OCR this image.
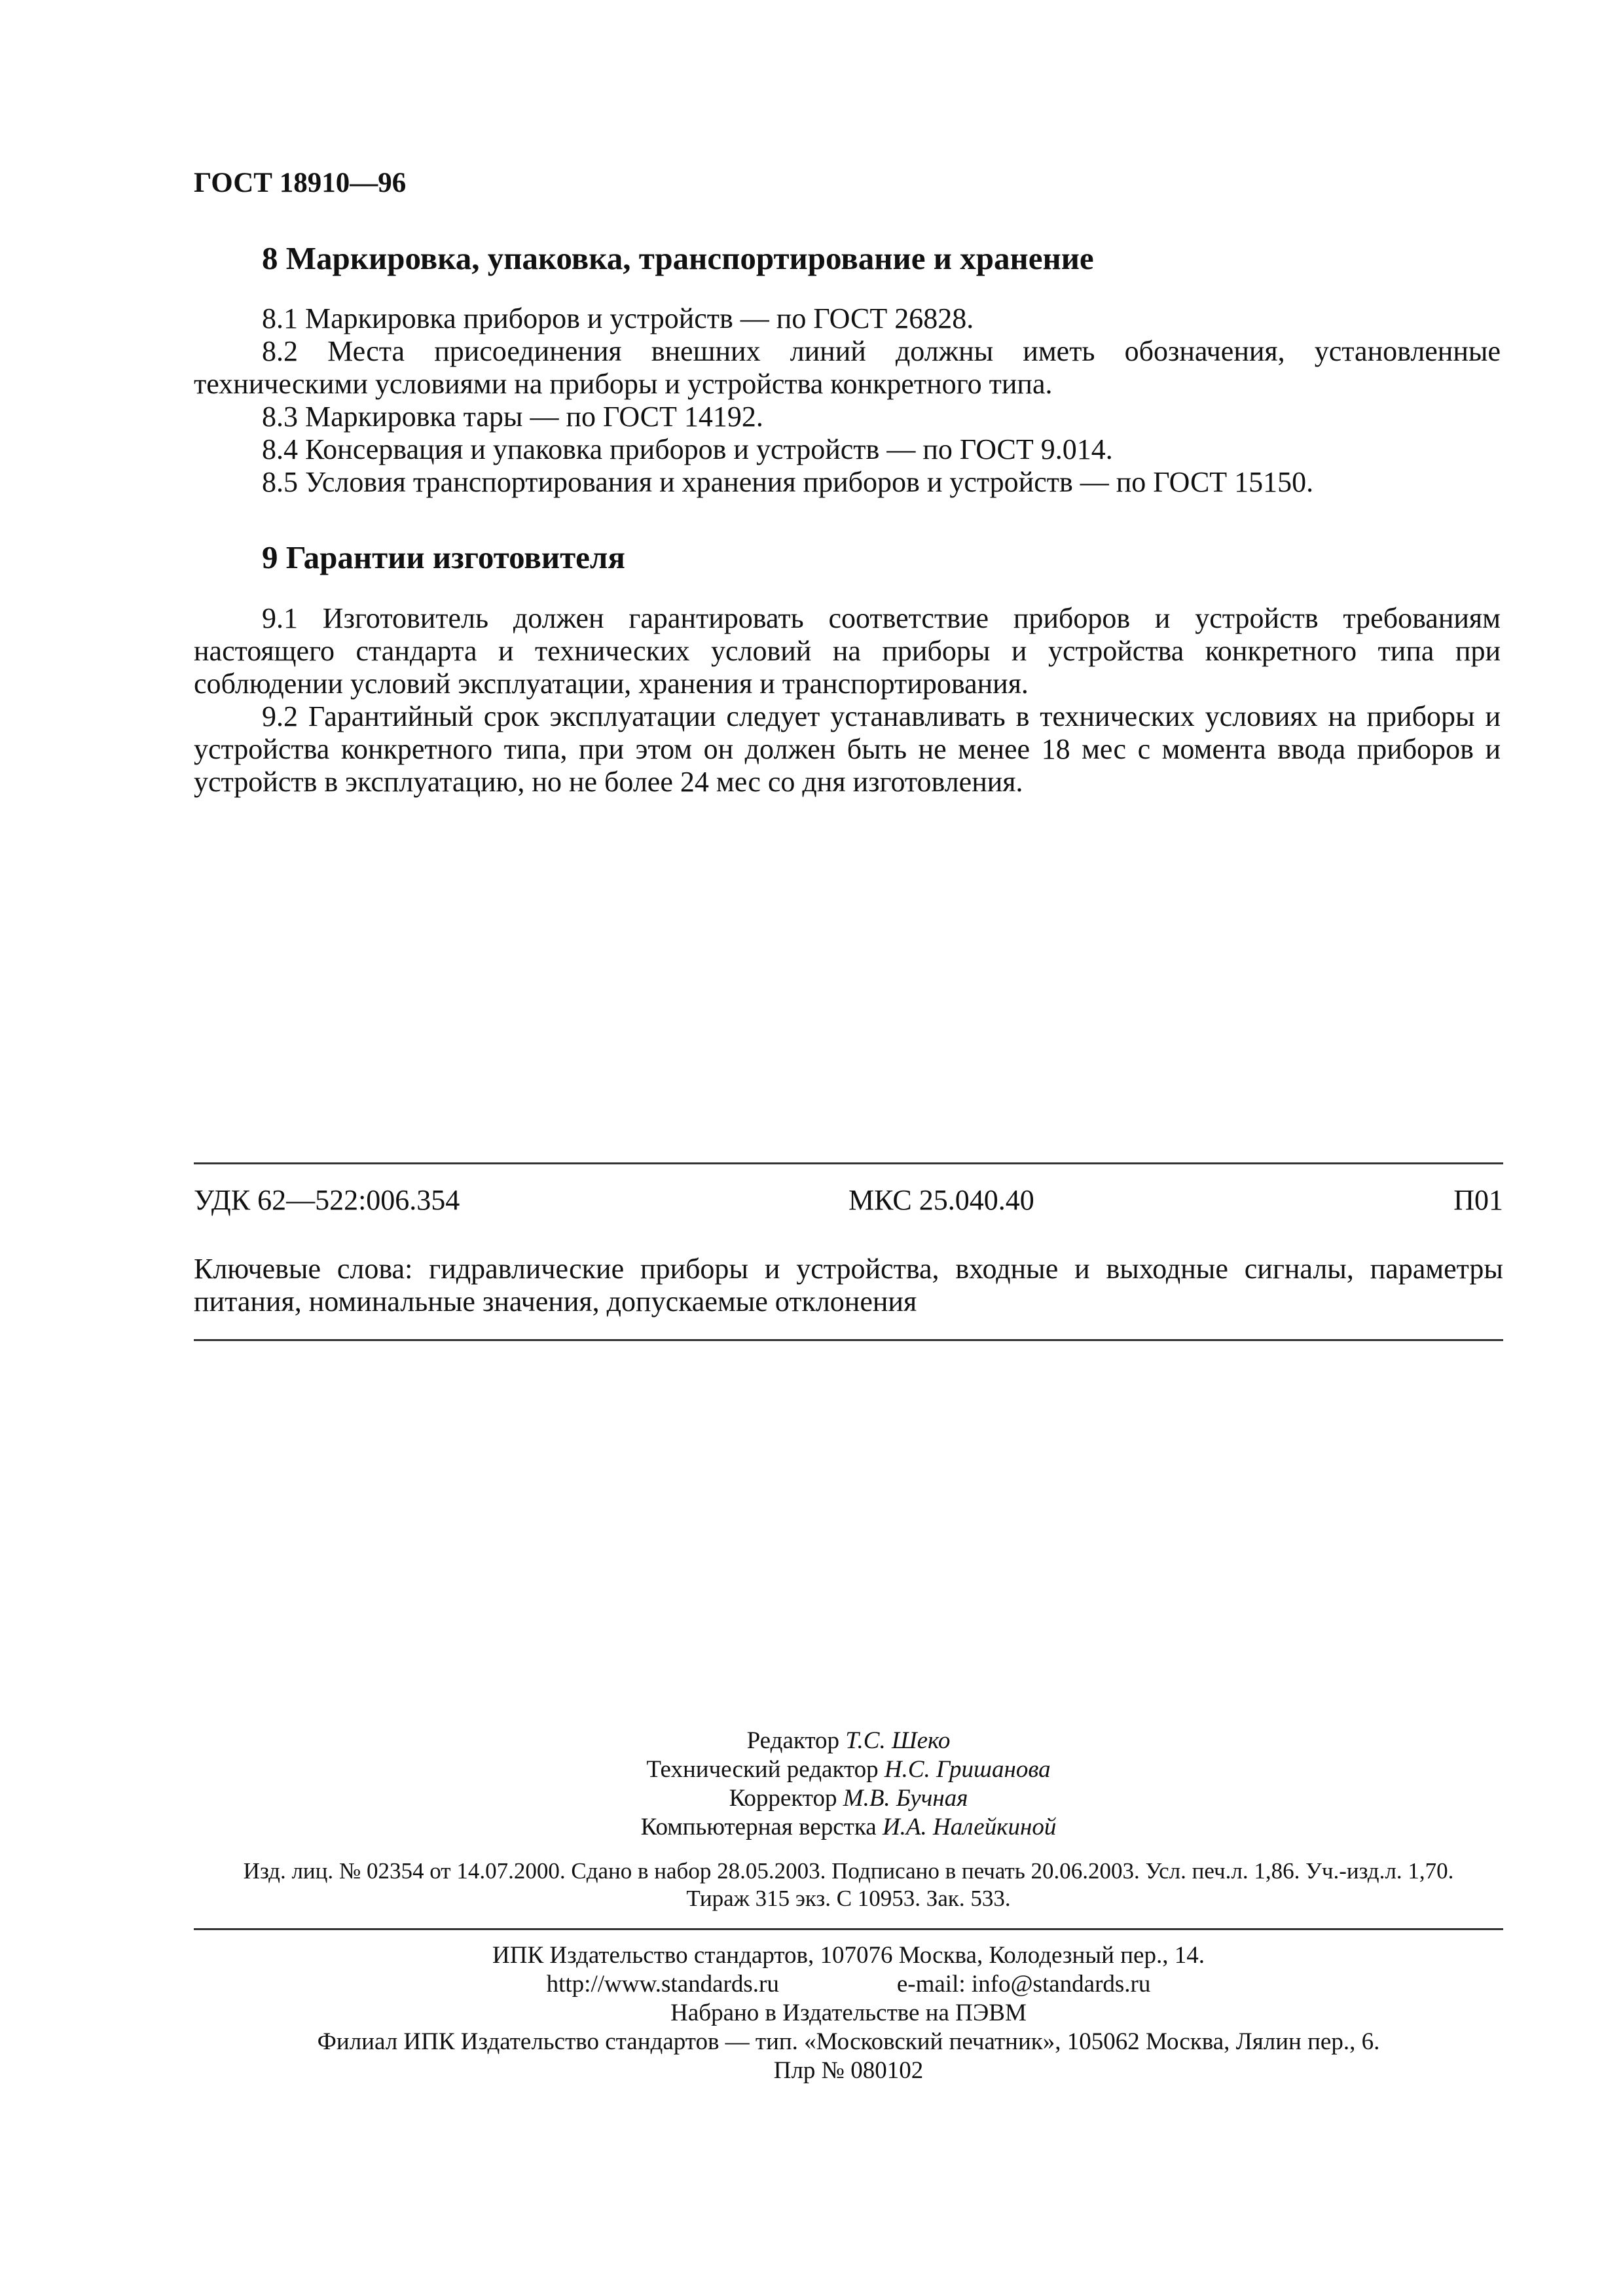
ГОСТ 18910—96
8 Маркировка, упаковка, транспортирование и хранение

8.1 Маркировка приборов и устройств — по ГОСТ 26828.

8.2 Места присоединения внешних линий должны иметь обозначения, установленные техническими условиями на приборы и устройства конкретного типа.

8.3 Маркировка тары — по ГОСТ 14192.

8.4 Консервация и упаковка приборов и устройств — по ГОСТ 9.014.

8.5 Условия транспортирования и хранения приборов и устройств — по ГОСТ 15150.

9 Гарантии изготовителя

9.1 Изготовитель должен гарантировать соответствие приборов и устройств требованиям настоящего стандарта и технических условий на приборы и устройства конкретного типа при соблюдении условий эксплуатации, хранения и транспортирования.

9.2 Гарантийный срок эксплуатации следует устанавливать в технических условиях на приборы и устройства конкретного типа, при этом он должен быть не менее 18 мес с момента ввода приборов и устройств в эксплуатацию, но не более 24 мес со дня изготовления.

УДК 62—522:006.354	МКС 25.040.40	П01
Ключевые слова: гидравлические приборы и устройства, входные и выходные сигналы, параметры питания, номинальные значения, допускаемые отклонения
Редактор Т.С. Шеко
Технический редактор Н.С. Гришанова
Корректор М.В. Бучная
Компьютерная верстка И.А. Налейкиной
Изд. лиц. № 02354 от 14.07.2000. Сдано в набор 28.05.2003. Подписано в печать 20.06.2003. Усл. печ.л. 1,86. Уч.-изд.л. 1,70.
Тираж 315 экз. С 10953. Зак. 533.
ИПК Издательство стандартов, 107076 Москва, Колодезный пер., 14.
http://www.standards.ru	e-mail: info@standards.ru
Набрано в Издательстве на ПЭВМ
Филиал ИПК Издательство стандартов — тип. «Московский печатник», 105062 Москва, Лялин пер., 6.
Плр № 080102
